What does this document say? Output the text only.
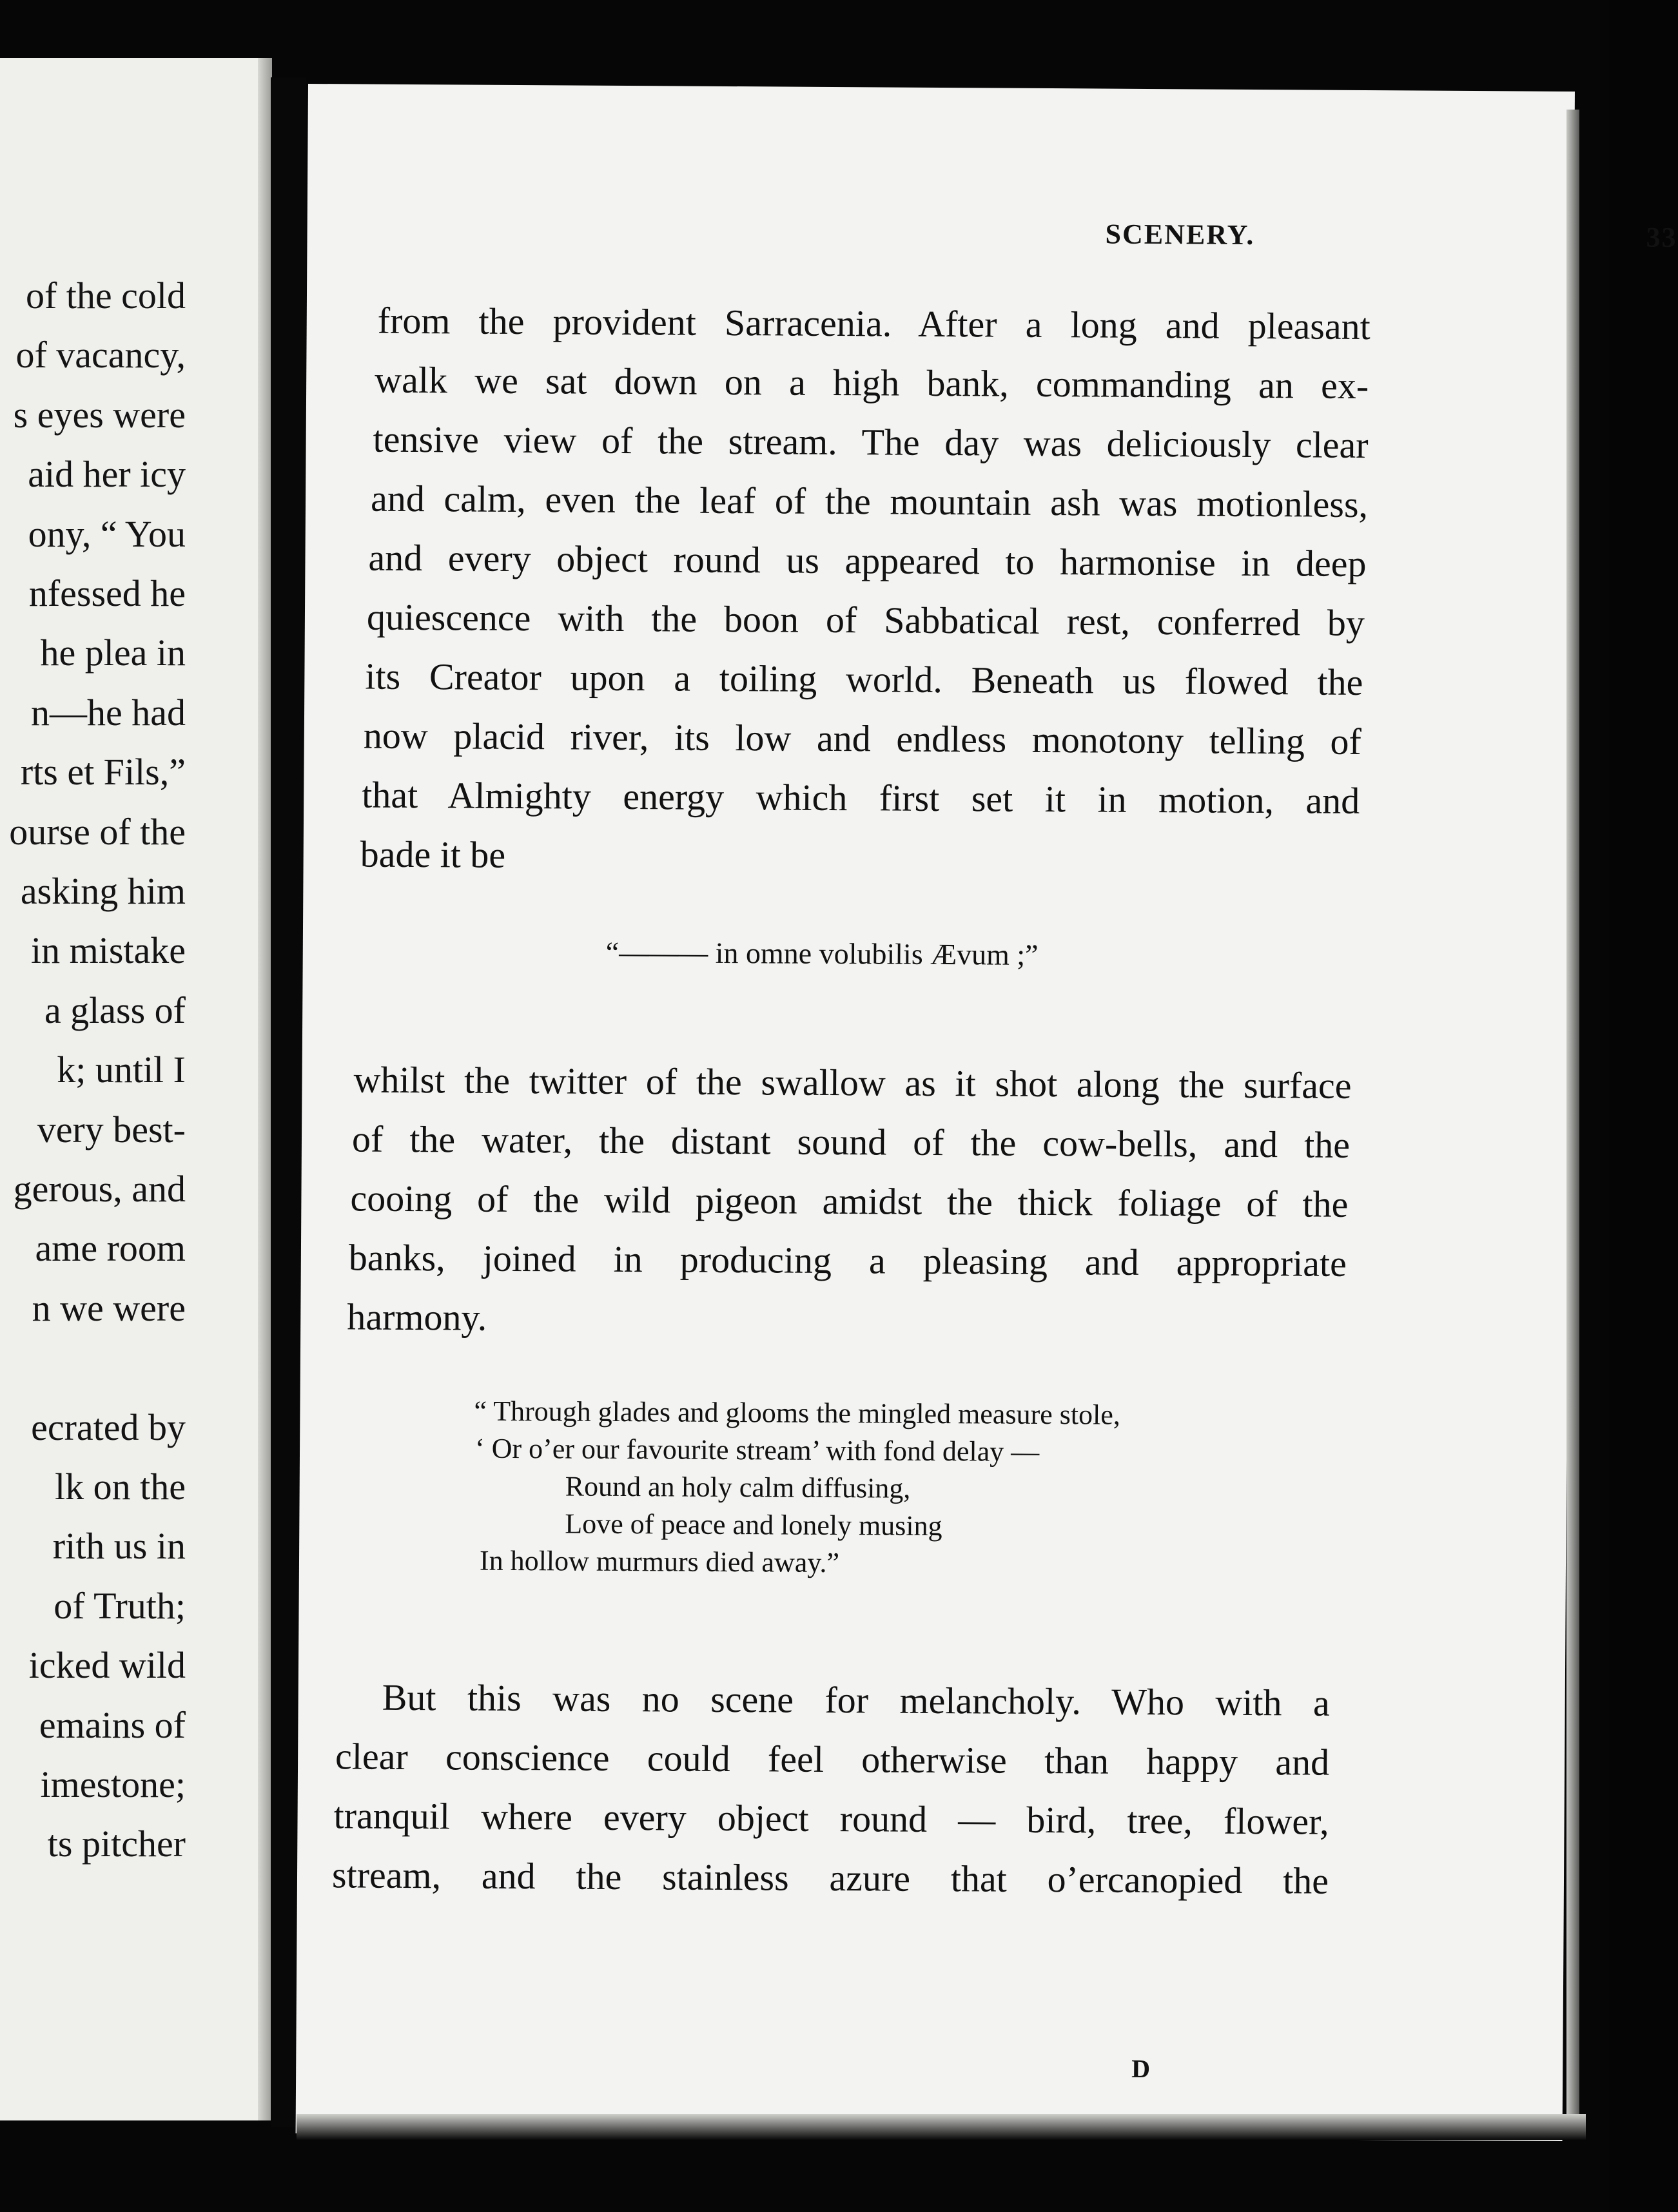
of the cold
of vacancy,
s eyes were
aid her icy
ony, “ You
nfessed he
he plea in
n—he had
rts et Fils,”
ourse of the
asking him
in mistake
a glass of
k; until I
very best-
gerous, and
ame room
n we were
ecrated by
lk on the
rith us in
of Truth;
icked wild
emains of
imestone;
ts pitcher
SCENERY.	33
from the provident Sarracenia. After a long and pleasant
walk we sat down on a high bank, commanding an ex-
tensive view of the stream. The day was deliciously clear
and calm, even the leaf of the mountain ash was motionless,
and every object round us appeared to harmonise in deep
quiescence with the boon of Sabbatical rest, conferred by
its Creator upon a toiling world. Beneath us flowed the
now placid river, its low and endless monotony telling of
that Almighty energy which first set it in motion, and
bade it be
“——— in omne volubilis Ævum ;”
whilst the twitter of the swallow as it shot along the surface
of the water, the distant sound of the cow-bells, and the
cooing of the wild pigeon amidst the thick foliage of the
banks, joined in producing a pleasing and appropriate
harmony.
“ Through glades and glooms the mingled measure stole,
‘ Or o’er our favourite stream’ with fond delay —
Round an holy calm diffusing,
Love of peace and lonely musing
In hollow murmurs died away.”
But this was no scene for melancholy. Who with a
clear conscience could feel otherwise than happy and
tranquil where every object round — bird, tree, flower,
stream, and the stainless azure that o’ercanopied the
D
